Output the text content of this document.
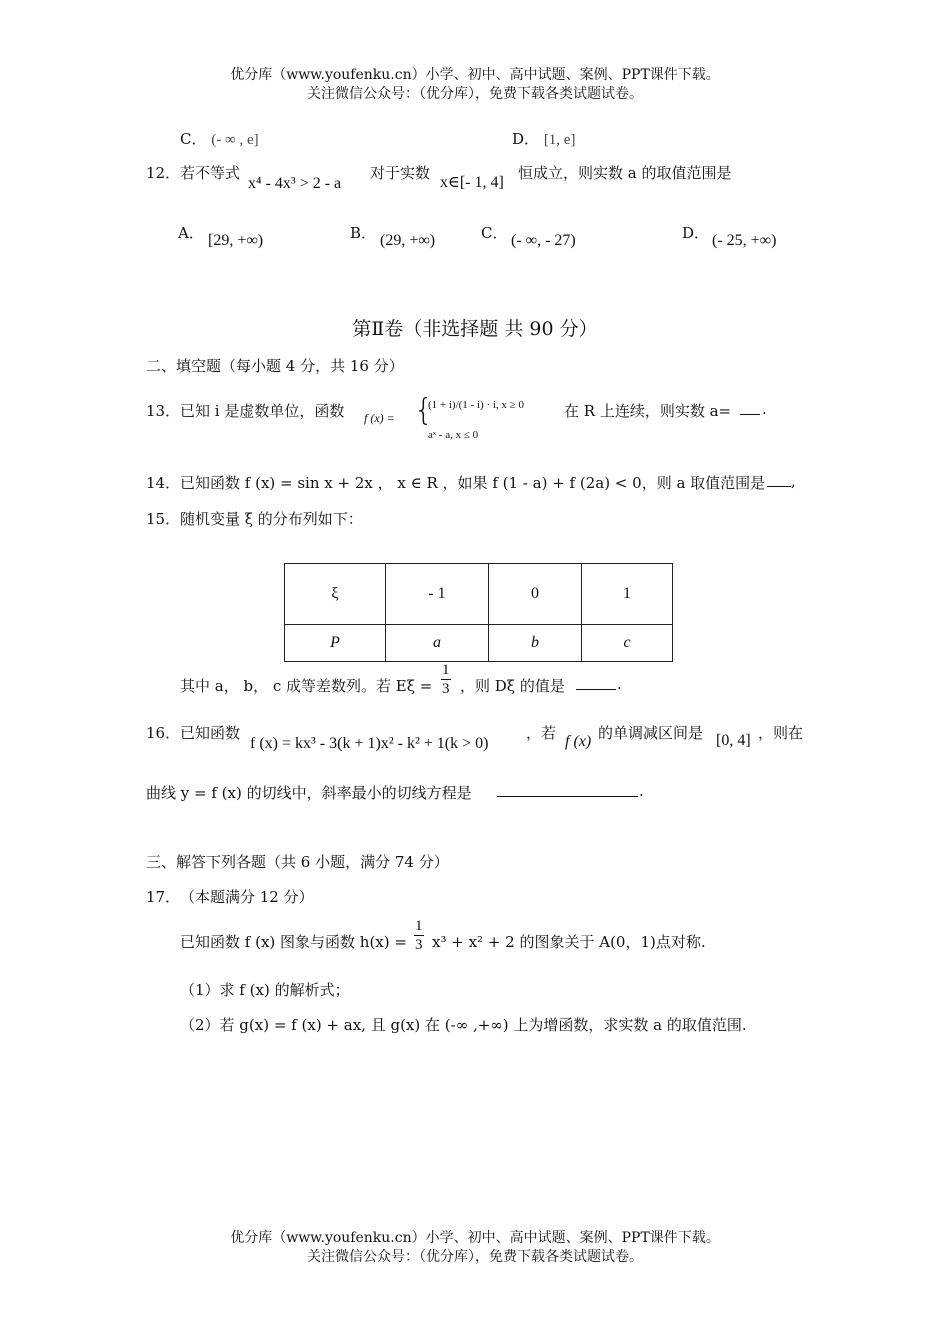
优分库（www.youfenku.cn）小学、初中、高中试题、案例、PPT课件下载。
关注微信公众号：（优分库），免费下载各类试题试卷。
C． (- ∞ , e]	D． [1, e]
12． 若不等式
x⁴ - 4x³ > 2 - a
对于实数
x∈[- 1, 4]
恒成立，则实数 a 的取值范围是
A． [29, +∞)	B． (29, +∞)	C． (- ∞, - 27)	D． (- 25, +∞)
第Ⅱ卷（非选择题 共 90 分）
二、填空题（每小题 4 分，共 16 分）
13． 已知 i 是虚数单位，函数 f (x) = {
(1 + i)/(1 - i) · i, x ≥ 0
aˣ - a, x ≤ 0
在 R 上连续，则实数 a= .
14． 已知函数 f (x) = sin x + 2x ， x ∈ R ，如果 f (1 - a) + f (2a) < 0，则 a 取值范围是 ,
15． 随机变量 ξ 的分布列如下：
ξ	- 1	0	1
P	a	b	c
其中 a， b， c 成等差数列。若 $E\xi = \frac{1}{3}$ ，则 Dξ 的值是	.
16． 已知函数
f (x) = kx³ - 3(k + 1)x² - k² + 1(k > 0)
，若 f (x) 的单调减区间是 [0, 4] ，则在
曲线 y = f (x) 的切线中，斜率最小的切线方程是	.
三、解答下列各题（共 6 小题，满分 74 分）
17． （本题满分 12 分）
已知函数 f (x) 图象与函数 $h(x) = \frac{1}{3} x^3 + x^2 + 2$ 的图象关于 A(0，1)点对称.
（1）求 f (x) 的解析式；
（2）若 g(x) = f (x) + ax, 且 g(x) 在 (-∞ ,+∞) 上为增函数，求实数 a 的取值范围.
优分库（www.youfenku.cn）小学、初中、高中试题、案例、PPT课件下载。
关注微信公众号：（优分库），免费下载各类试题试卷。
